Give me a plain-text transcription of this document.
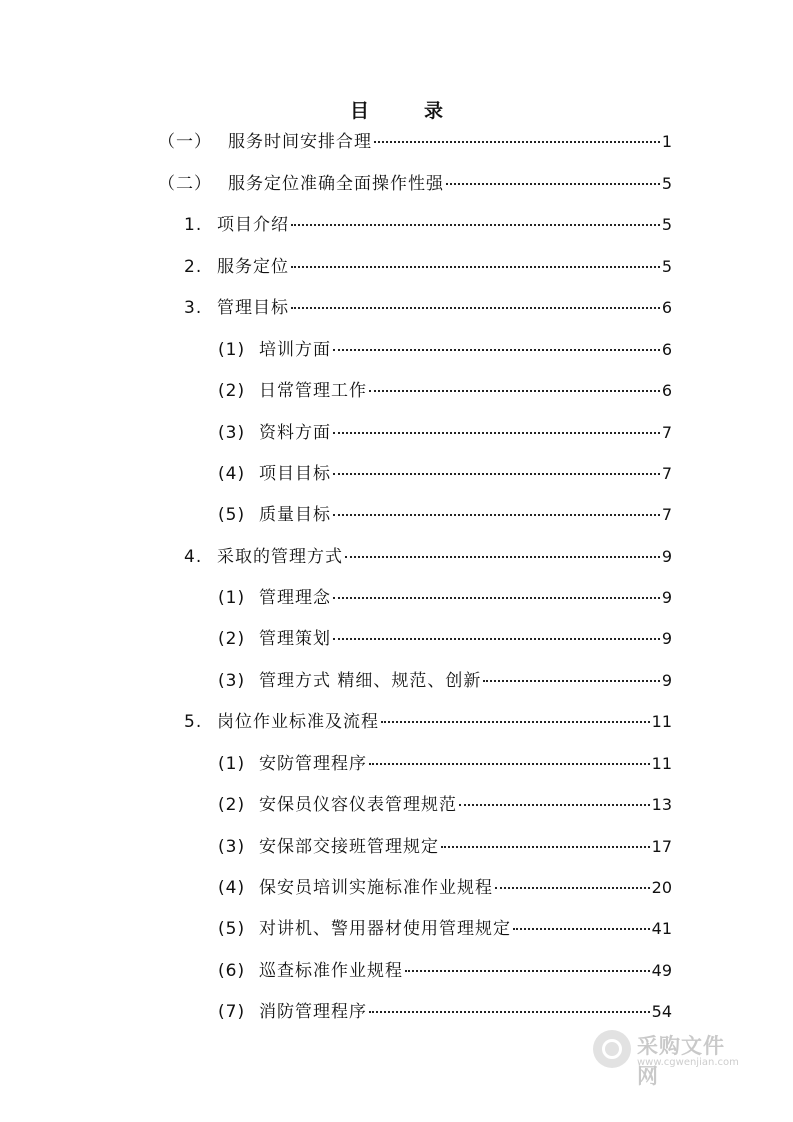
目　录
（一） 服务时间安排合理	1
（二） 服务定位准确全面操作性强	5
1. 项目介绍	5
2. 服务定位	5
3. 管理目标	6
(1) 培训方面	6
(2) 日常管理工作	6
(3) 资料方面	7
(4) 项目目标	7
(5) 质量目标	7
4. 采取的管理方式	9
(1) 管理理念	9
(2) 管理策划	9
(3) 管理方式 精细、规范、创新	9
5. 岗位作业标准及流程	11
(1) 安防管理程序	11
(2) 安保员仪容仪表管理规范	13
(3) 安保部交接班管理规定	17
(4) 保安员培训实施标准作业规程	20
(5) 对讲机、警用器材使用管理规定	41
(6) 巡查标准作业规程	49
(7) 消防管理程序	54
采购文件网
www.cgwenjian.com
